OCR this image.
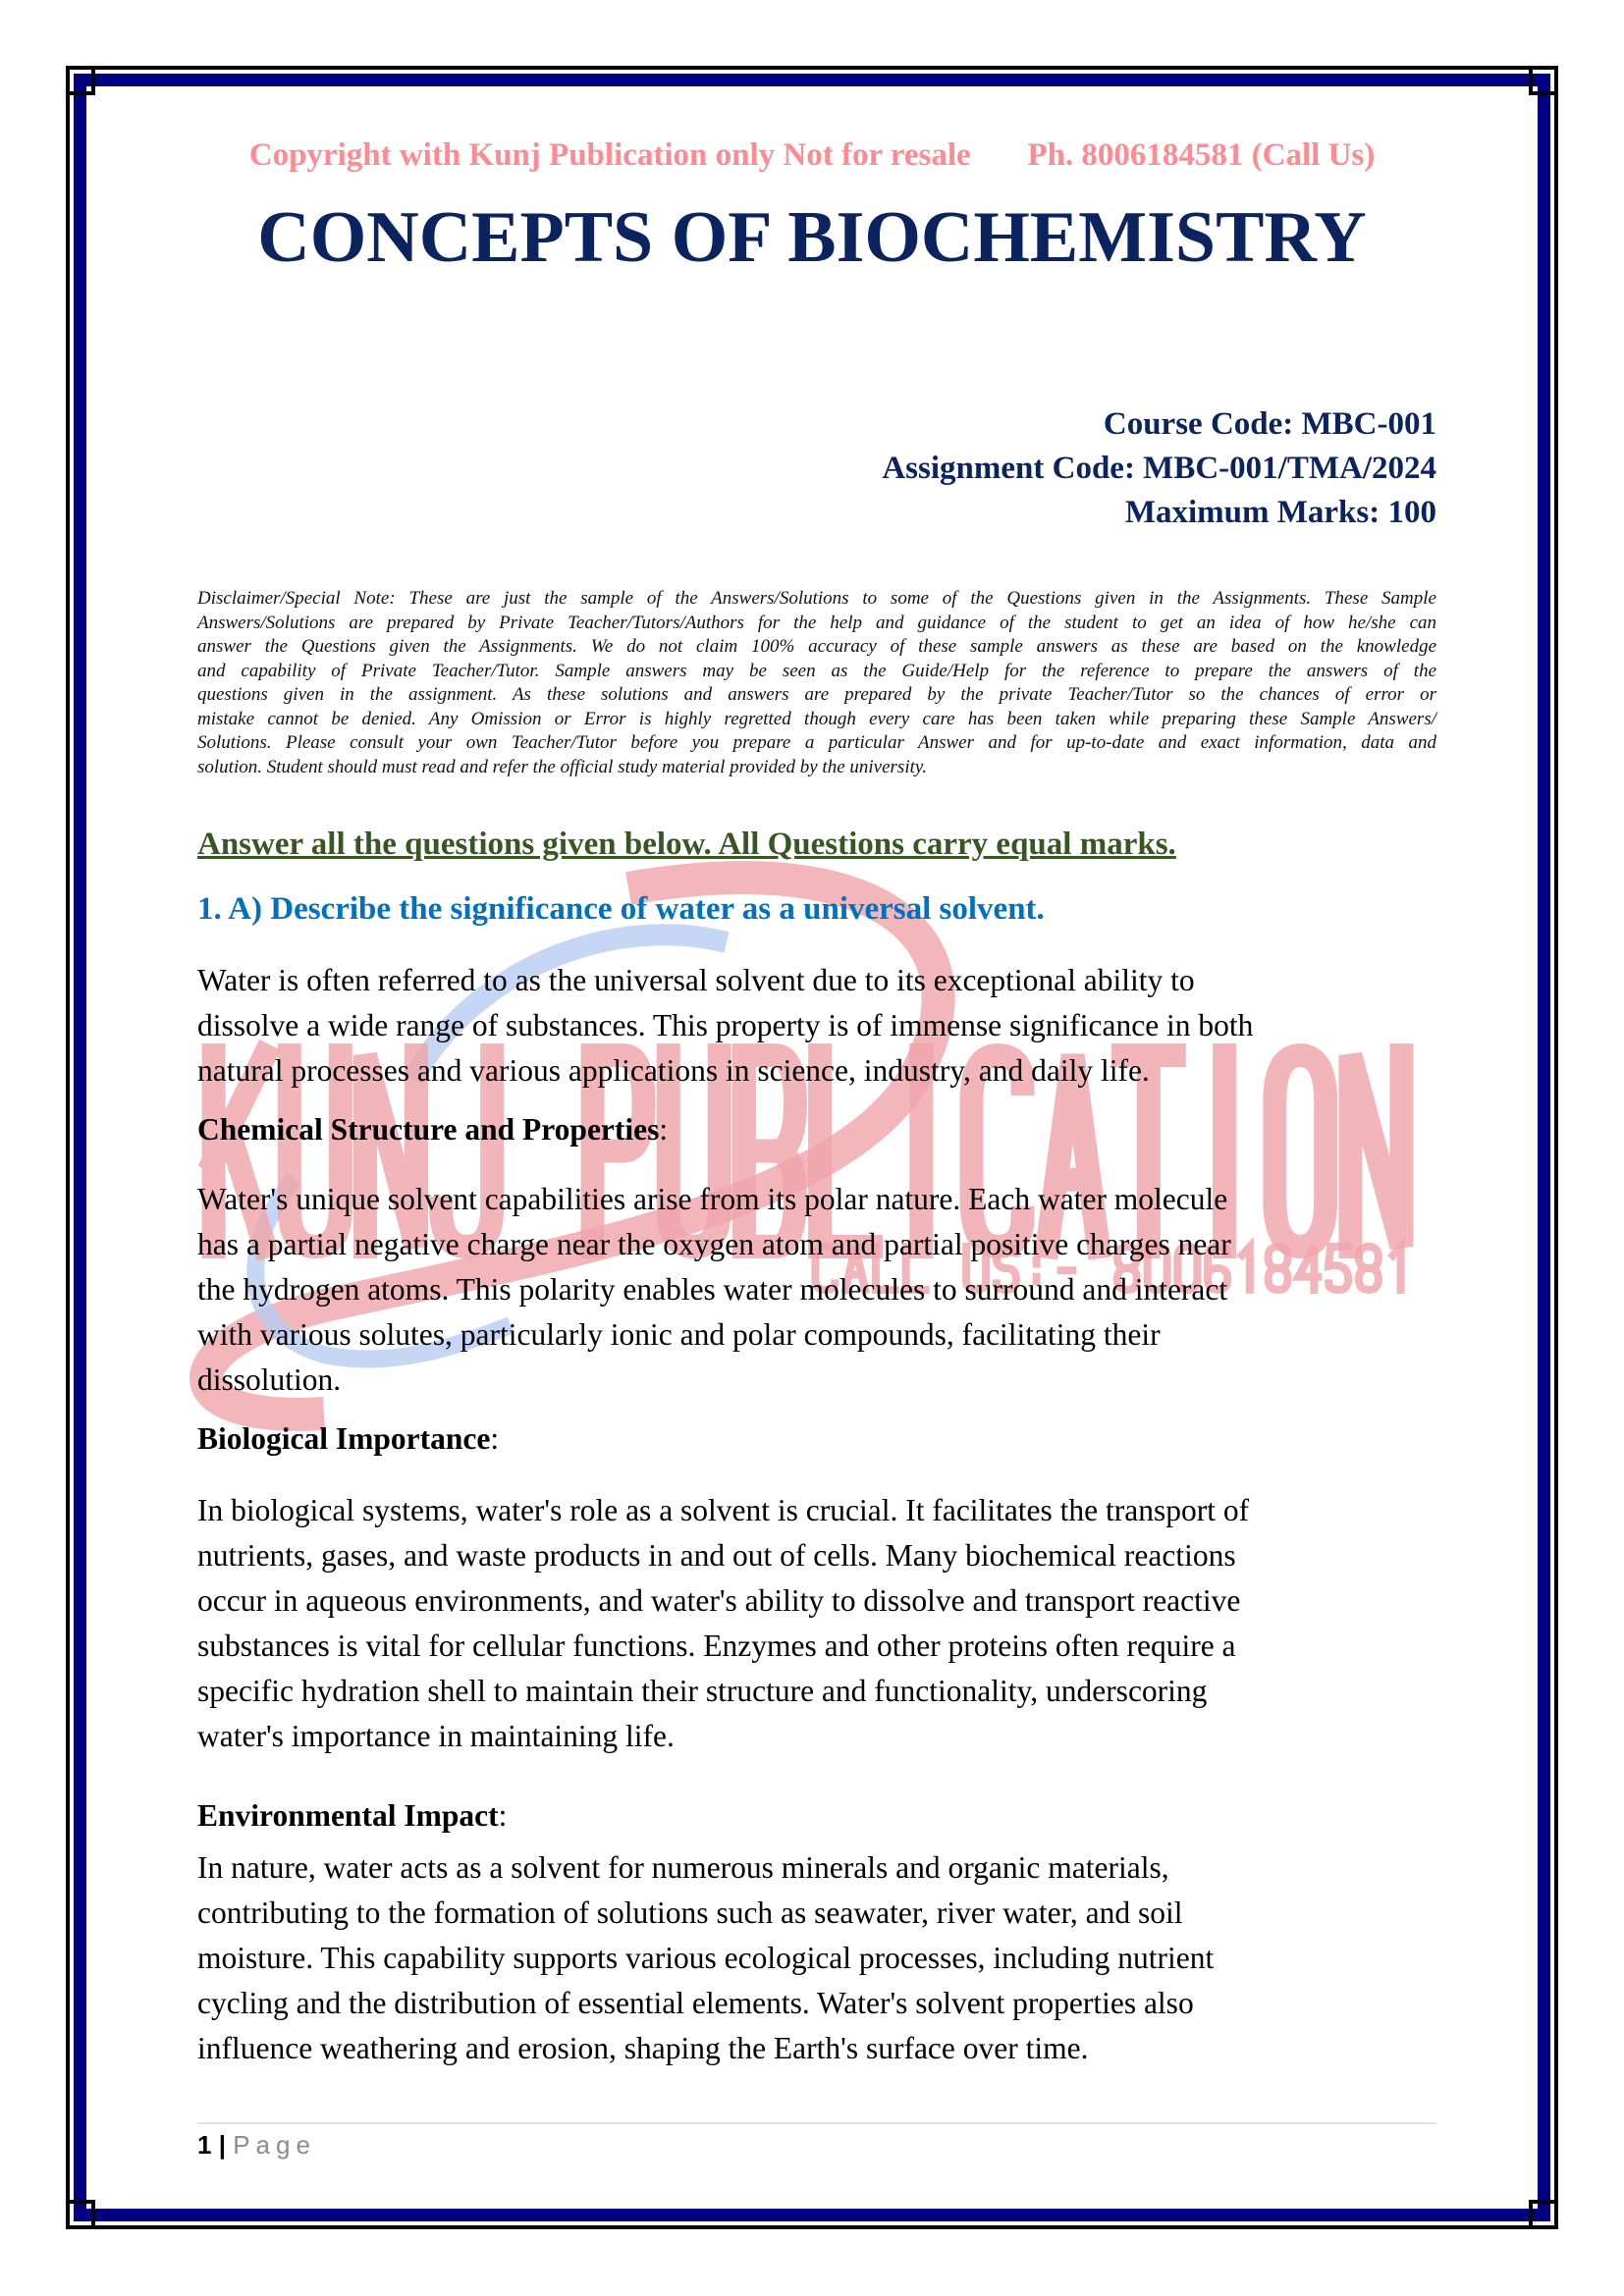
Copyright with Kunj Publication only Not for resale Ph. 8006184581 (Call Us)
CONCEPTS OF BIOCHEMISTRY
Course Code: MBC-001
Assignment Code: MBC-001/TMA/2024
Maximum Marks: 100
Disclaimer/Special Note: These are just the sample of the Answers/Solutions to some of the Questions given in the Assignments. These Sample
Answers/Solutions are prepared by Private Teacher/Tutors/Authors for the help and guidance of the student to get an idea of how he/she can
answer the Questions given the Assignments. We do not claim 100% accuracy of these sample answers as these are based on the knowledge
and capability of Private Teacher/Tutor. Sample answers may be seen as the Guide/Help for the reference to prepare the answers of the
questions given in the assignment. As these solutions and answers are prepared by the private Teacher/Tutor so the chances of error or
mistake cannot be denied. Any Omission or Error is highly regretted though every care has been taken while preparing these Sample Answers/
Solutions. Please consult your own Teacher/Tutor before you prepare a particular Answer and for up-to-date and exact information, data and
solution. Student should must read and refer the official study material provided by the university.
Answer all the questions given below. All Questions carry equal marks.
1. A) Describe the significance of water as a universal solvent.
Water is often referred to as the universal solvent due to its exceptional ability to
dissolve a wide range of substances. This property is of immense significance in both
natural processes and various applications in science, industry, and daily life.
Chemical Structure and Properties:
Water's unique solvent capabilities arise from its polar nature. Each water molecule
has a partial negative charge near the oxygen atom and partial positive charges near
the hydrogen atoms. This polarity enables water molecules to surround and interact
with various solutes, particularly ionic and polar compounds, facilitating their
dissolution.
Biological Importance:
In biological systems, water's role as a solvent is crucial. It facilitates the transport of
nutrients, gases, and waste products in and out of cells. Many biochemical reactions
occur in aqueous environments, and water's ability to dissolve and transport reactive
substances is vital for cellular functions. Enzymes and other proteins often require a
specific hydration shell to maintain their structure and functionality, underscoring
water's importance in maintaining life.
Environmental Impact:
In nature, water acts as a solvent for numerous minerals and organic materials,
contributing to the formation of solutions such as seawater, river water, and soil
moisture. This capability supports various ecological processes, including nutrient
cycling and the distribution of essential elements. Water's solvent properties also
influence weathering and erosion, shaping the Earth's surface over time.
1 | Page
